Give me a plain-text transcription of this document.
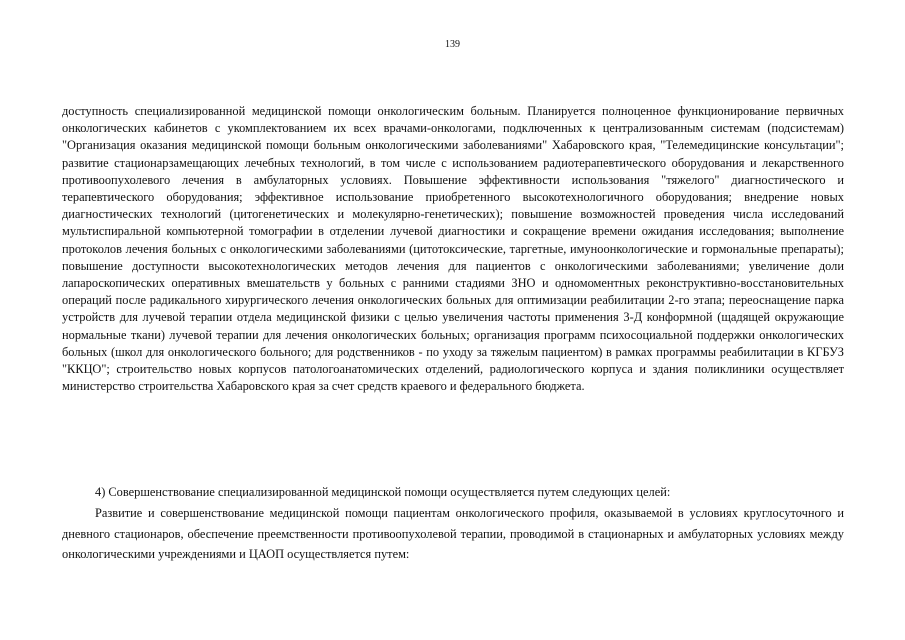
139

доступность специализированной медицинской помощи онкологическим больным. Планируется полноценное функционирование первичных онкологических кабинетов с укомплектованием их всех врачами-онкологами, подключенных к централизованным системам (подсистемам) "Организация оказания медицинской помощи больным онкологическими заболеваниями" Хабаровского края, "Телемедицинские консультации"; развитие стационарзамещающих лечебных технологий, в том числе с использованием радиотерапевтического оборудования и лекарственного противоопухолевого лечения в амбулаторных условиях. Повышение эффективности использования "тяжелого" диагностического и терапевтического оборудования; эффективное использование приобретенного высокотехнологичного оборудования; внедрение новых диагностических технологий (цитогенетических и молекулярно-генетических); повышение возможностей проведения числа исследований мультиспиральной компьютерной томографии в отделении лучевой диагностики и сокращение времени ожидания исследования; выполнение протоколов лечения больных с онкологическими заболеваниями (цитотоксические, таргетные, имуноонкологические и гормональные препараты); повышение доступности высокотехнологических методов лечения для пациентов с онкологическими заболеваниями; увеличение доли лапароскопических оперативных вмешательств у больных с ранними стадиями ЗНО и одномоментных реконструктивно-восстановительных операций после радикального хирургического лечения онкологических больных для оптимизации реабилитации 2-го этапа; переоснащение парка устройств для лучевой терапии отдела медицинской физики с целью увеличения частоты применения 3-Д конформной (щадящей окружающие нормальные ткани) лучевой терапии для лечения онкологических больных; организация программ психосоциальной поддержки онкологических больных (школ для онкологического больного; для родственников - по уходу за тяжелым пациентом) в рамках программы реабилитации в КГБУЗ "ККЦО"; строительство новых корпусов патологоанатомических отделений, радиологического корпуса и здания поликлиники осуществляет министерство строительства Хабаровского края за счет средств краевого и федерального бюджета.

4) Совершенствование специализированной медицинской помощи осуществляется путем следующих целей:

Развитие и совершенствование медицинской помощи пациентам онкологического профиля, оказываемой в условиях круглосуточного и дневного стационаров, обеспечение преемственности противоопухолевой терапии, проводимой в стационарных и амбулаторных условиях между онкологическими учреждениями и ЦАОП осуществляется путем:
